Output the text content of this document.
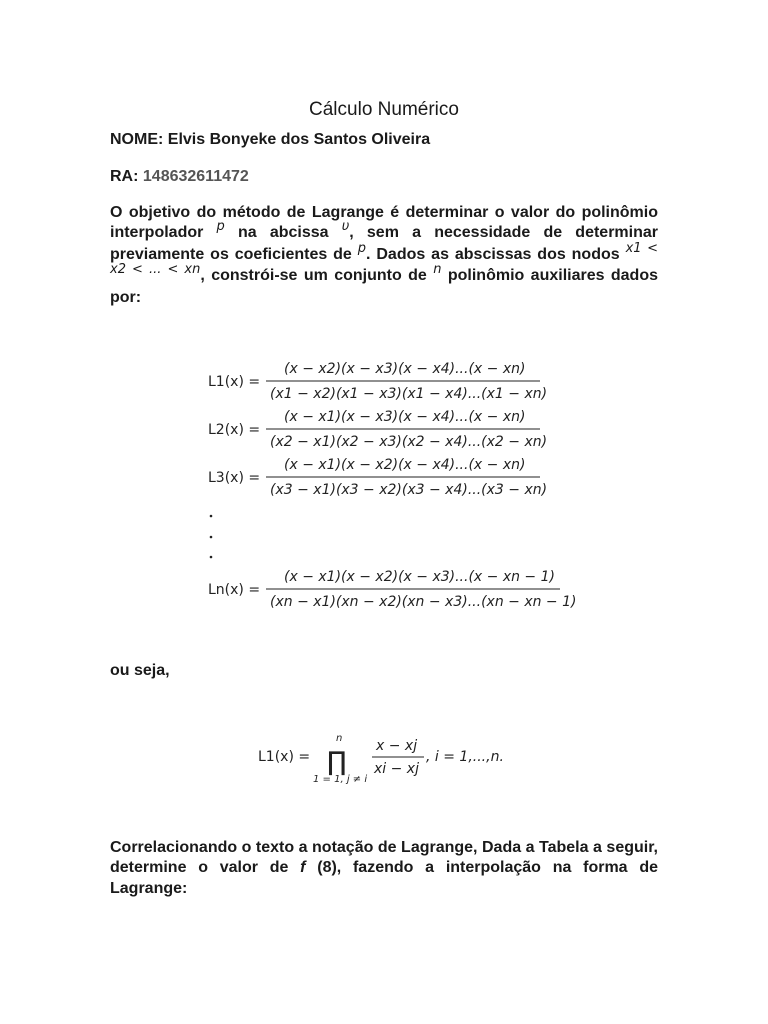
Cálculo Numérico
NOME: Elvis Bonyeke dos Santos Oliveira
RA: 148632611472
O objetivo do método de Lagrange é determinar o valor do polinômio interpolador $^p$ na abcissa $^\upsilon$, sem a necessidade de determinar previamente os coeficientes de $^p$. Dados as abscissas dos nodos $^{x1 < x2 < ... < xn}$, constrói-se um conjunto de $^n$ polinômio auxiliares dados por:
L1(x) =
(x − x2)(x − x3)(x − x4)...(x − xn)
(x1 − x2)(x1 − x3)(x1 − x4)...(x1 − xn)
L2(x) =
(x − x1)(x − x3)(x − x4)...(x − xn)
(x2 − x1)(x2 − x3)(x2 − x4)...(x2 − xn)
L3(x) =
(x − x1)(x − x2)(x − x4)...(x − xn)
(x3 − x1)(x3 − x2)(x3 − x4)...(x3 − xn)
Ln(x) =
(x − x1)(x − x2)(x − x3)...(x − xn − 1)
(xn − x1)(xn − x2)(xn − x3)...(xn − xn − 1)
L1(x) =
n
∏
1 = 1, j ≠ i
x − xj
xi − xj
, i = 1,...,n.
ou seja,
Correlacionando o texto a notação de Lagrange, Dada a Tabela a seguir, determine o valor de f (8), fazendo a interpolação na forma de Lagrange:
